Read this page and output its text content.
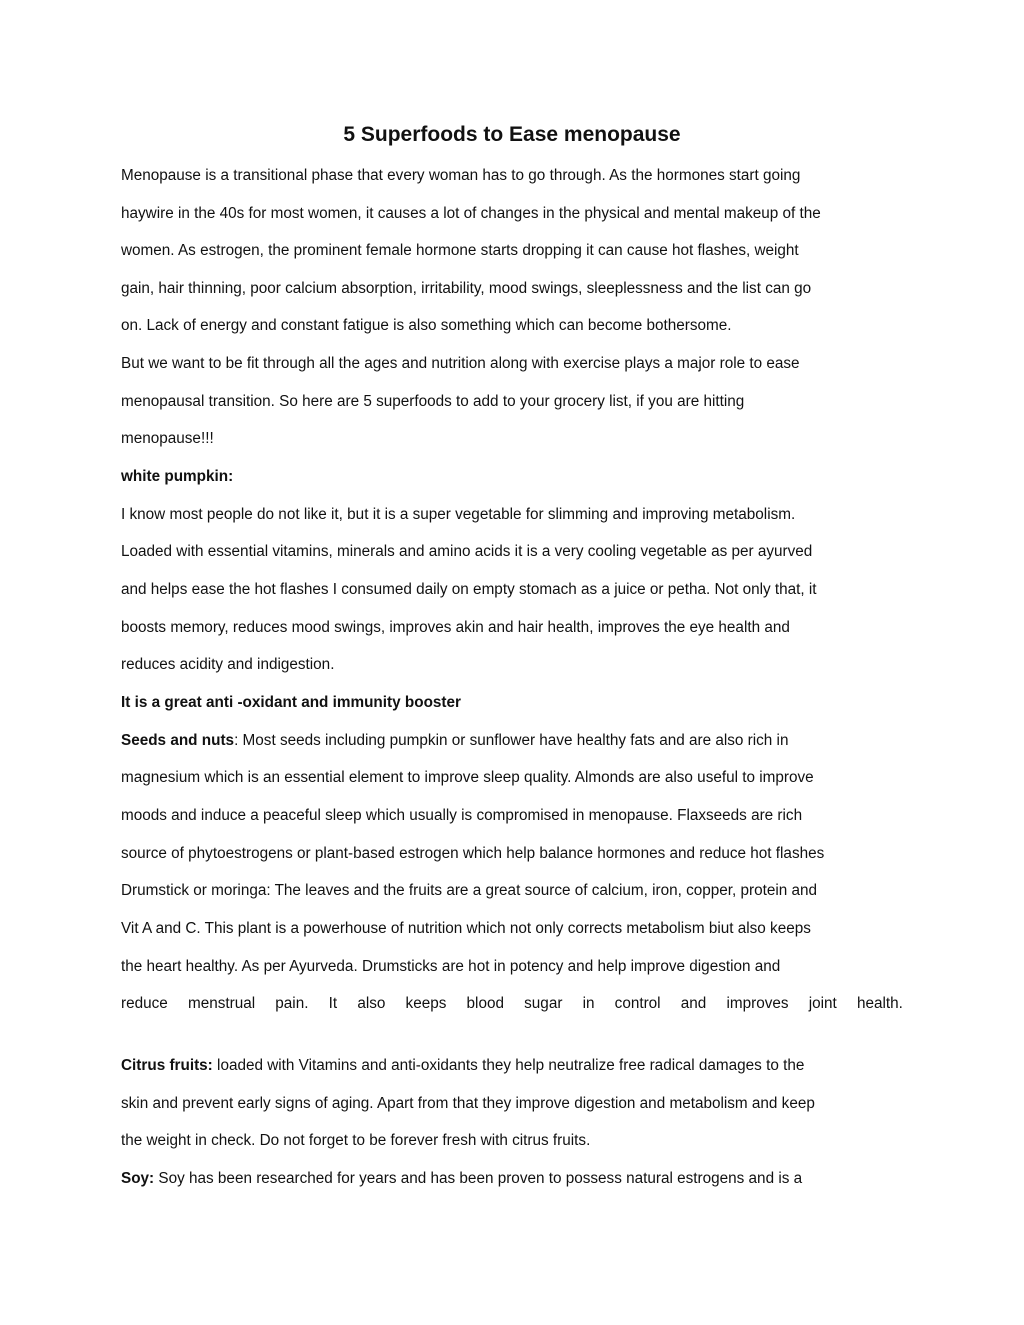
5 Superfoods to Ease menopause

Menopause is a transitional phase that every woman has to go through. As the hormones start going

haywire in the 40s for most women, it causes a lot of changes in the physical and mental makeup of the

women. As estrogen, the prominent female hormone starts dropping it can cause hot flashes, weight

gain, hair thinning, poor calcium absorption, irritability, mood swings, sleeplessness and the list can go

on. Lack of energy and constant fatigue is also something which can become bothersome.

But we want to be fit through all the ages and nutrition along with exercise plays a major role to ease

menopausal transition. So here are 5 superfoods to add to your grocery list, if you are hitting

menopause!!!

white pumpkin:

I know most people do not like it, but it is a super vegetable for slimming and improving metabolism.

Loaded with essential vitamins, minerals and amino acids it is a very cooling vegetable as per ayurved

and helps ease the hot flashes I consumed daily on empty stomach as a juice or petha. Not only that, it

boosts memory, reduces mood swings, improves akin and hair health, improves the eye health and

reduces acidity and indigestion.

It is a great anti -oxidant and immunity booster

Seeds and nuts: Most seeds including pumpkin or sunflower have healthy fats and are also rich in

magnesium which is an essential element to improve sleep quality. Almonds are also useful to improve

moods and induce a peaceful sleep which usually is compromised in menopause. Flaxseeds are rich

source of phytoestrogens or plant-based estrogen which help balance hormones and reduce hot flashes

Drumstick or moringa: The leaves and the fruits are a great source of calcium, iron, copper, protein and

Vit A and C. This plant is a powerhouse of nutrition which not only corrects metabolism biut also keeps

the heart healthy. As per Ayurveda. Drumsticks are hot in potency and help improve digestion and

reduce menstrual pain. It also keeps blood sugar in control and improves joint health.

Citrus fruits: loaded with Vitamins and anti-oxidants they help neutralize free radical damages to the

skin and prevent early signs of aging. Apart from that they improve digestion and metabolism and keep

the weight in check. Do not forget to be forever fresh with citrus fruits.

Soy: Soy has been researched for years and has been proven to possess natural estrogens and is a
